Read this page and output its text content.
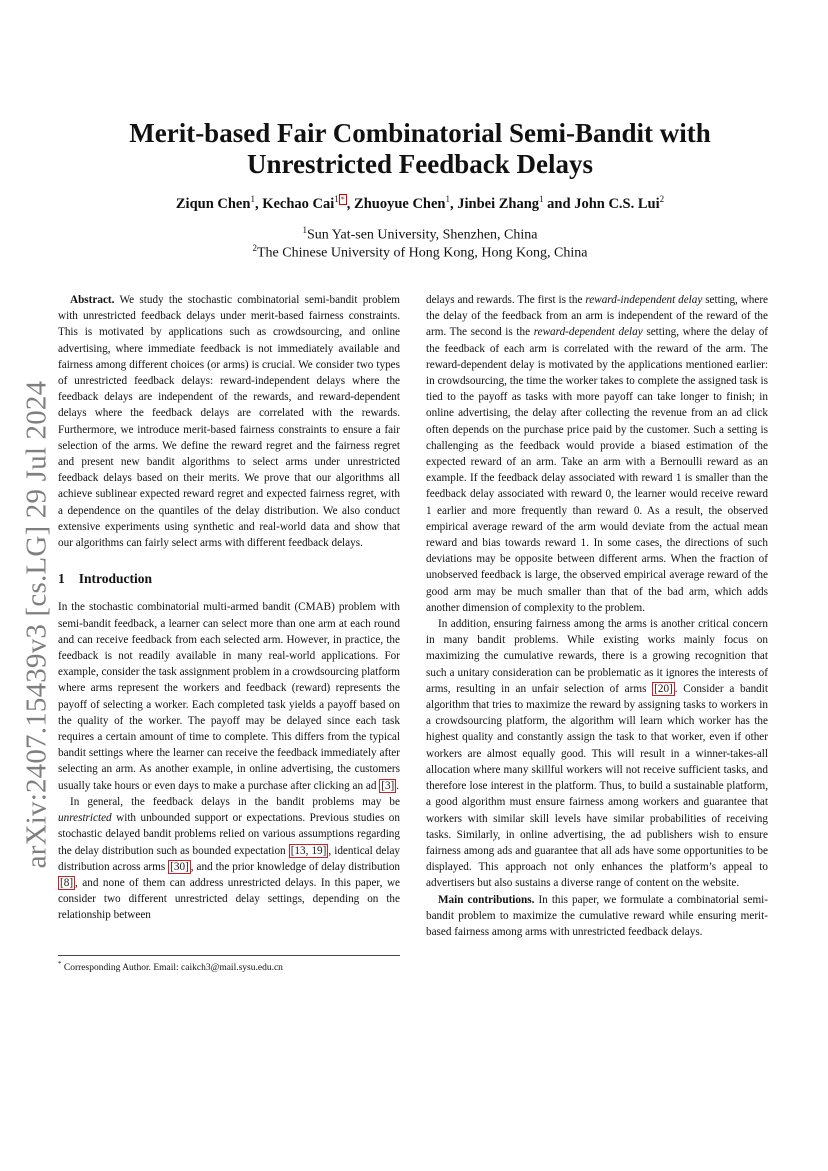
arXiv:2407.15439v3 [cs.LG] 29 Jul 2024
Merit-based Fair Combinatorial Semi-Bandit with
Unrestricted Feedback Delays
Ziqun Chen$^1$, Kechao Cai$^1$ * , Zhuoyue Chen$^1$, Jinbei Zhang$^1$ and John C.S. Lui$^2$
$^1$Sun Yat-sen University, Shenzhen, China
$^2$The Chinese University of Hong Kong, Hong Kong, China

Abstract. We study the stochastic combinatorial semi-bandit problem with unrestricted feedback delays under merit-based fairness constraints. This is motivated by applications such as crowdsourcing, and online advertising, where immediate feedback is not immediately available and fairness among different choices (or arms) is crucial. We consider two types of unrestricted feedback delays: reward-independent delays where the feedback delays are independent of the rewards, and reward-dependent delays where the feedback delays are correlated with the rewards. Furthermore, we introduce merit-based fairness constraints to ensure a fair selection of the arms. We define the reward regret and the fairness regret and present new bandit algorithms to select arms under unrestricted feedback delays based on their merits. We prove that our algorithms all achieve sublinear expected reward regret and expected fairness regret, with a dependence on the quantiles of the delay distribution. We also conduct extensive experiments using synthetic and real-world data and show that our algorithms can fairly select arms with different feedback delays.

1 Introduction

In the stochastic combinatorial multi-armed bandit (CMAB) problem with semi-bandit feedback, a learner can select more than one arm at each round and can receive feedback from each selected arm. However, in practice, the feedback is not readily available in many real-world applications. For example, consider the task assignment problem in a crowdsourcing platform where arms represent the workers and feedback (reward) represents the payoff of selecting a worker. Each completed task yields a payoff based on the quality of the worker. The payoff may be delayed since each task requires a certain amount of time to complete. This differs from the typical bandit settings where the learner can receive the feedback immediately after selecting an arm. As another example, in online advertising, the customers usually take hours or even days to make a purchase after clicking an ad [3] .

In general, the feedback delays in the bandit problems may be unrestricted with unbounded support or expectations. Previous studies on stochastic delayed bandit problems relied on various assumptions regarding the delay distribution such as bounded expectation [13, 19] , identical delay distribution across arms [30] , and the prior knowledge of delay distribution [8] , and none of them can address unrestricted delays. In this paper, we consider two different unrestricted delay settings, depending on the relationship between

delays and rewards. The first is the reward-independent delay setting, where the delay of the feedback from an arm is independent of the reward of the arm. The second is the reward-dependent delay setting, where the delay of the feedback of each arm is correlated with the reward of the arm. The reward-dependent delay is motivated by the applications mentioned earlier: in crowdsourcing, the time the worker takes to complete the assigned task is tied to the payoff as tasks with more payoff can take longer to finish; in online advertising, the delay after collecting the revenue from an ad click often depends on the purchase price paid by the customer. Such a setting is challenging as the feedback would provide a biased estimation of the expected reward of an arm. Take an arm with a Bernoulli reward as an example. If the feedback delay associated with reward 1 is smaller than the feedback delay associated with reward 0, the learner would receive reward 1 earlier and more frequently than reward 0. As a result, the observed empirical average reward of the arm would deviate from the actual mean reward and bias towards reward 1. In some cases, the directions of such deviations may be opposite between different arms. When the fraction of unobserved feedback is large, the observed empirical average reward of the good arm may be much smaller than that of the bad arm, which adds another dimension of complexity to the problem.

In addition, ensuring fairness among the arms is another critical concern in many bandit problems. While existing works mainly focus on maximizing the cumulative rewards, there is a growing recognition that such a unitary consideration can be problematic as it ignores the interests of arms, resulting in an unfair selection of arms [20] . Consider a bandit algorithm that tries to maximize the reward by assigning tasks to workers in a crowdsourcing platform, the algorithm will learn which worker has the highest quality and constantly assign the task to that worker, even if other workers are almost equally good. This will result in a winner-takes-all allocation where many skillful workers will not receive sufficient tasks, and therefore lose interest in the platform. Thus, to build a sustainable platform, a good algorithm must ensure fairness among workers and guarantee that workers with similar skill levels have similar probabilities of receiving tasks. Similarly, in online advertising, the ad publishers wish to ensure fairness among ads and guarantee that all ads have some opportunities to be displayed. This approach not only enhances the platform’s appeal to advertisers but also sustains a diverse range of content on the website.

Main contributions. In this paper, we formulate a combinatorial semi-bandit problem to maximize the cumulative reward while ensuring merit-based fairness among arms with unrestricted feedback delays.

* Corresponding Author. Email: caikch3@mail.sysu.edu.cn
